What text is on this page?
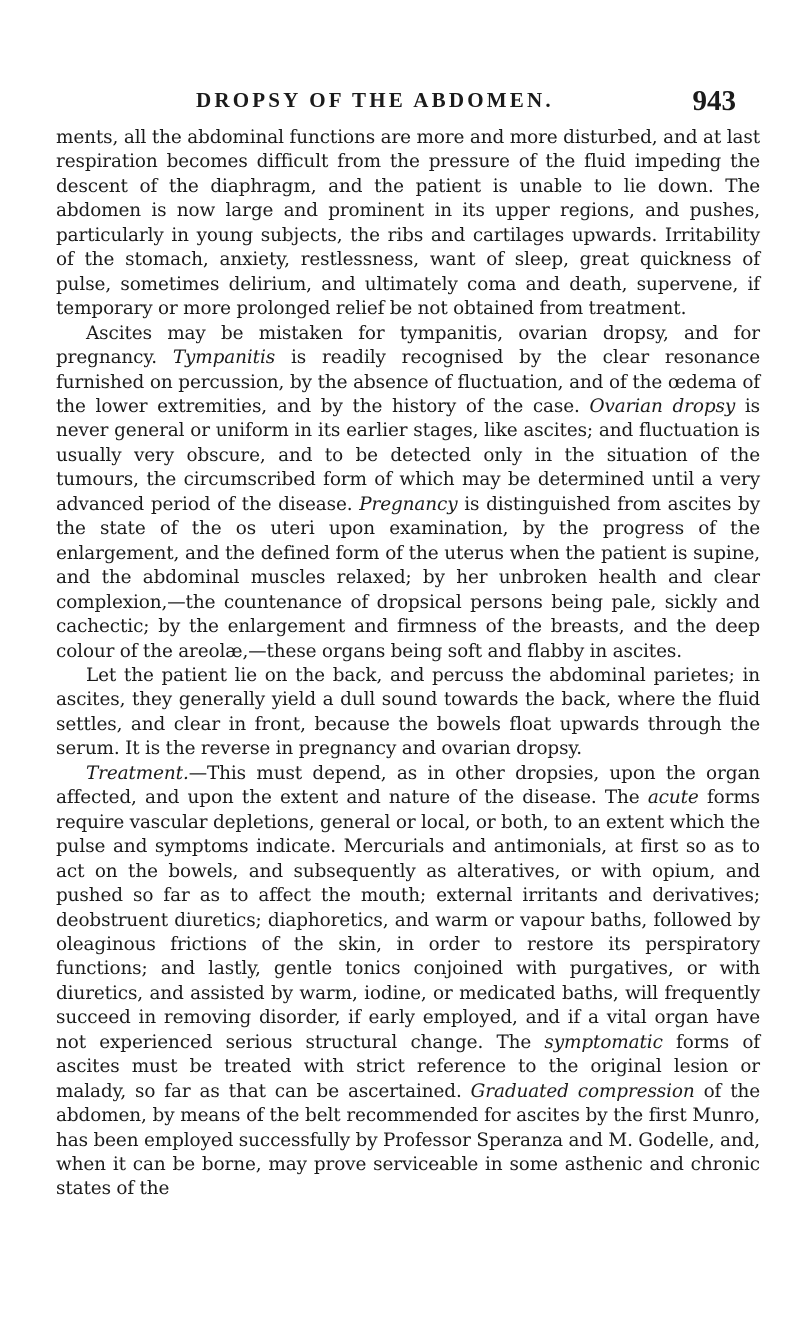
DROPSY OF THE ABDOMEN.	943

ments, all the abdominal functions are more and more disturbed, and at last respiration becomes difficult from the pressure of the fluid impeding the descent of the diaphragm, and the patient is unable to lie down. The abdomen is now large and prominent in its upper regions, and pushes, particularly in young subjects, the ribs and cartilages upwards. Irritability of the stomach, anxiety, restlessness, want of sleep, great quickness of pulse, sometimes delirium, and ultimately coma and death, supervene, if temporary or more prolonged relief be not obtained from treatment.

Ascites may be mistaken for tympanitis, ovarian dropsy, and for pregnancy. Tympanitis is readily recognised by the clear resonance furnished on percussion, by the absence of fluctuation, and of the œdema of the lower extremities, and by the history of the case. Ovarian dropsy is never general or uniform in its earlier stages, like ascites; and fluctuation is usually very obscure, and to be detected only in the situation of the tumours, the circumscribed form of which may be determined until a very advanced period of the disease. Pregnancy is distinguished from ascites by the state of the os uteri upon examination, by the progress of the enlargement, and the defined form of the uterus when the patient is supine, and the abdominal muscles relaxed; by her unbroken health and clear complexion,—the countenance of dropsical persons being pale, sickly and cachectic; by the enlargement and firmness of the breasts, and the deep colour of the areolæ,—these organs being soft and flabby in ascites.

Let the patient lie on the back, and percuss the abdominal parietes; in ascites, they generally yield a dull sound towards the back, where the fluid settles, and clear in front, because the bowels float upwards through the serum. It is the reverse in pregnancy and ovarian dropsy.

Treatment.—This must depend, as in other dropsies, upon the organ affected, and upon the extent and nature of the disease. The acute forms require vascular depletions, general or local, or both, to an extent which the pulse and symptoms indicate. Mercurials and antimonials, at first so as to act on the bowels, and subsequently as alteratives, or with opium, and pushed so far as to affect the mouth; external irritants and derivatives; deobstruent diuretics; diaphoretics, and warm or vapour baths, followed by oleaginous frictions of the skin, in order to restore its perspiratory functions; and lastly, gentle tonics conjoined with purgatives, or with diuretics, and assisted by warm, iodine, or medicated baths, will frequently succeed in removing disorder, if early employed, and if a vital organ have not experienced serious structural change. The symptomatic forms of ascites must be treated with strict reference to the original lesion or malady, so far as that can be ascertained. Graduated compression of the abdomen, by means of the belt recommended for ascites by the first Munro, has been employed successfully by Professor Speranza and M. Godelle, and, when it can be borne, may prove serviceable in some asthenic and chronic states of the
